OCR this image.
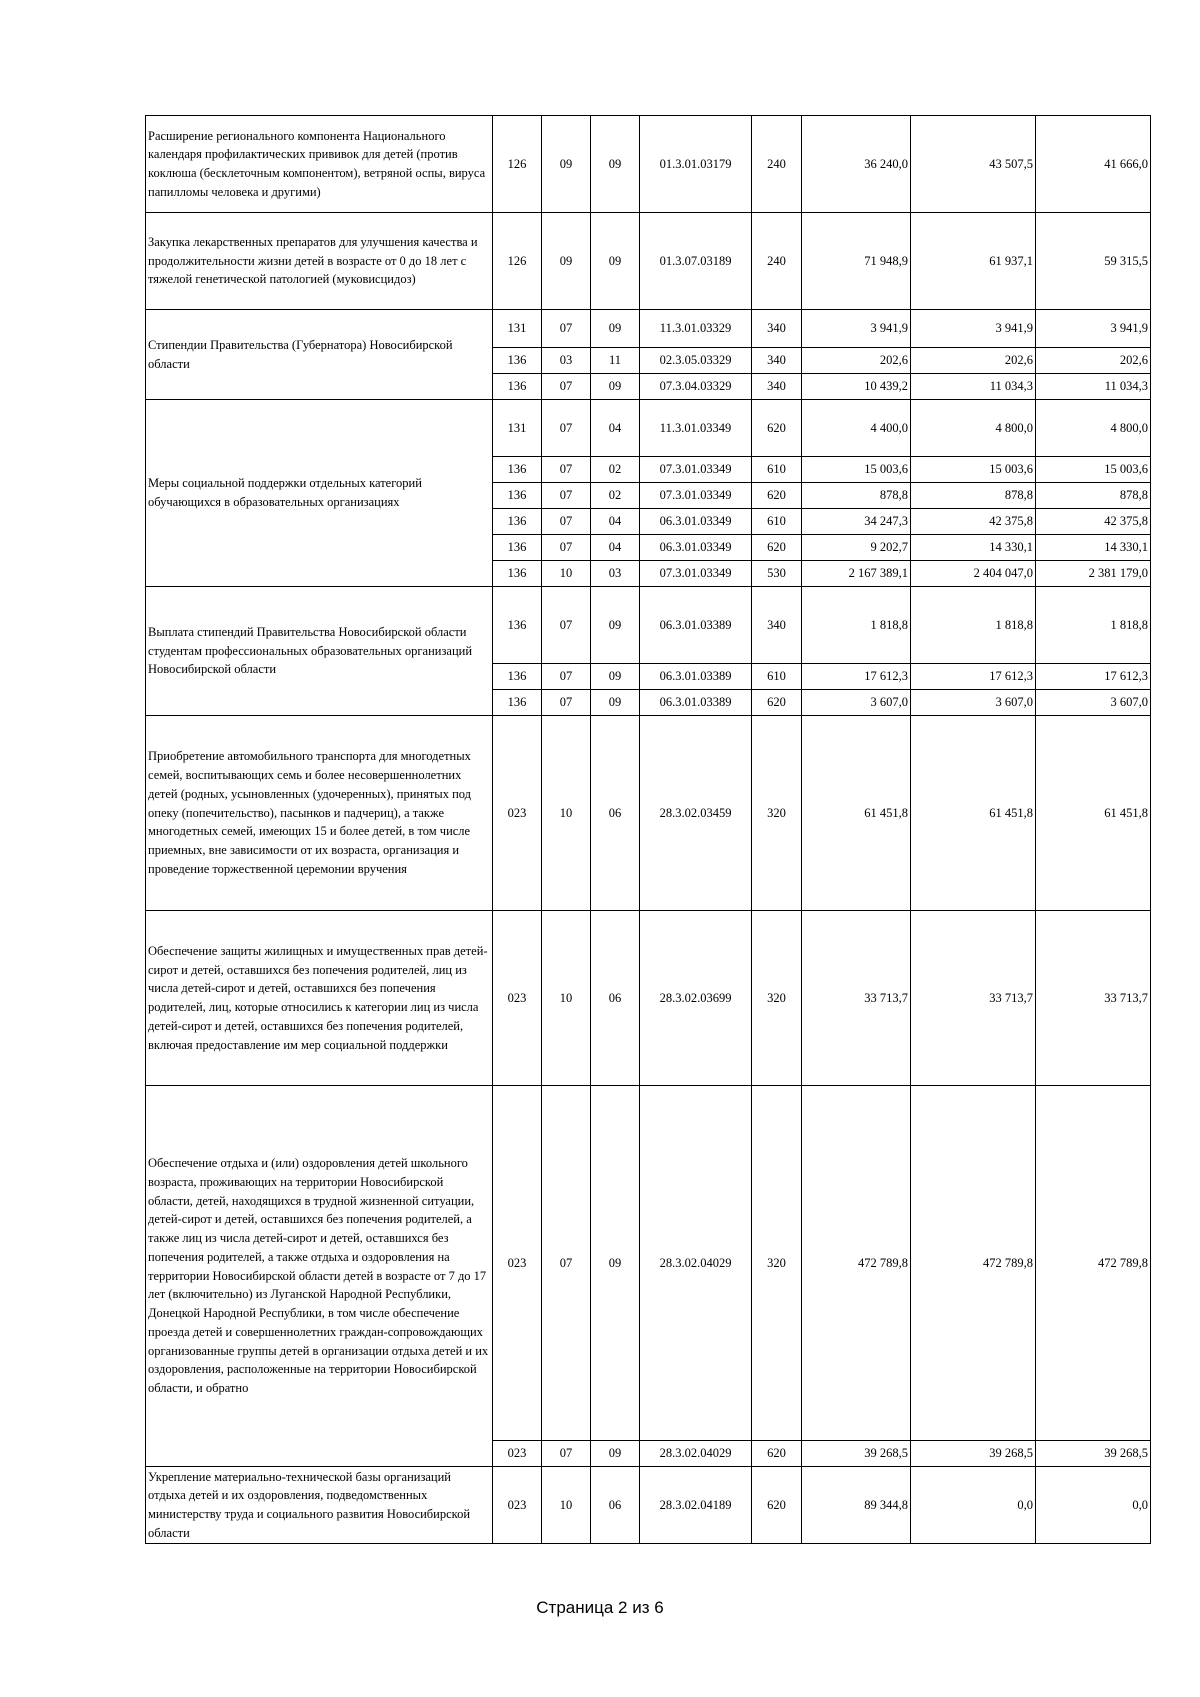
Расширение регионального компонента Национального календаря профилактических прививок для детей (против коклюша (бесклеточным компонентом), ветряной оспы, вируса папилломы человека и другими)	126	09	09	01.3.01.03179	240	36 240,0	43 507,5	41 666,0
Закупка лекарственных препаратов для улучшения качества и продолжительности жизни детей в возрасте от 0 до 18 лет с тяжелой генетической патологией (муковисцидоз)	126	09	09	01.3.07.03189	240	71 948,9	61 937,1	59 315,5
Стипендии Правительства (Губернатора) Новосибирской области	131	07	09	11.3.01.03329	340	3 941,9	3 941,9	3 941,9
	136	03	11	02.3.05.03329	340	202,6	202,6	202,6
	136	07	09	07.3.04.03329	340	10 439,2	11 034,3	11 034,3
Меры социальной поддержки отдельных категорий обучающихся в образовательных организациях	131	07	04	11.3.01.03349	620	4 400,0	4 800,0	4 800,0
	136	07	02	07.3.01.03349	610	15 003,6	15 003,6	15 003,6
	136	07	02	07.3.01.03349	620	878,8	878,8	878,8
	136	07	04	06.3.01.03349	610	34 247,3	42 375,8	42 375,8
	136	07	04	06.3.01.03349	620	9 202,7	14 330,1	14 330,1
	136	10	03	07.3.01.03349	530	2 167 389,1	2 404 047,0	2 381 179,0
Выплата стипендий Правительства Новосибирской области студентам профессиональных образовательных организаций Новосибирской области	136	07	09	06.3.01.03389	340	1 818,8	1 818,8	1 818,8
	136	07	09	06.3.01.03389	610	17 612,3	17 612,3	17 612,3
	136	07	09	06.3.01.03389	620	3 607,0	3 607,0	3 607,0
Приобретение автомобильного транспорта для многодетных семей, воспитывающих семь и более несовершеннолетних детей (родных, усыновленных (удочеренных), принятых под опеку (попечительство), пасынков и падчериц), а также многодетных семей, имеющих 15 и более детей, в том числе приемных, вне зависимости от их возраста, организация и проведение торжественной церемонии вручения	023	10	06	28.3.02.03459	320	61 451,8	61 451,8	61 451,8
Обеспечение защиты жилищных и имущественных прав детей-сирот и детей, оставшихся без попечения родителей, лиц из числа детей-сирот и детей, оставшихся без попечения родителей, лиц, которые относились к категории лиц из числа детей-сирот и детей, оставшихся без попечения родителей, включая предоставление им мер социальной поддержки	023	10	06	28.3.02.03699	320	33 713,7	33 713,7	33 713,7
Обеспечение отдыха и (или) оздоровления детей школьного возраста, проживающих на территории Новосибирской области, детей, находящихся в трудной жизненной ситуации, детей-сирот и детей, оставшихся без попечения родителей, а также лиц из числа детей-сирот и детей, оставшихся без попечения родителей, а также отдыха и оздоровления на территории Новосибирской области детей в возрасте от 7 до 17 лет (включительно) из Луганской Народной Республики, Донецкой Народной Республики, в том числе обеспечение проезда детей и совершеннолетних граждан-сопровождающих организованные группы детей в организации отдыха детей и их оздоровления, расположенные на территории Новосибирской области, и обратно	023	07	09	28.3.02.04029	320	472 789,8	472 789,8	472 789,8
	023	07	09	28.3.02.04029	620	39 268,5	39 268,5	39 268,5
Укрепление материально-технической базы организаций отдыха детей и их оздоровления, подведомственных министерству труда и социального развития Новосибирской области	023	10	06	28.3.02.04189	620	89 344,8	0,0	0,0
Страница 2 из 6
